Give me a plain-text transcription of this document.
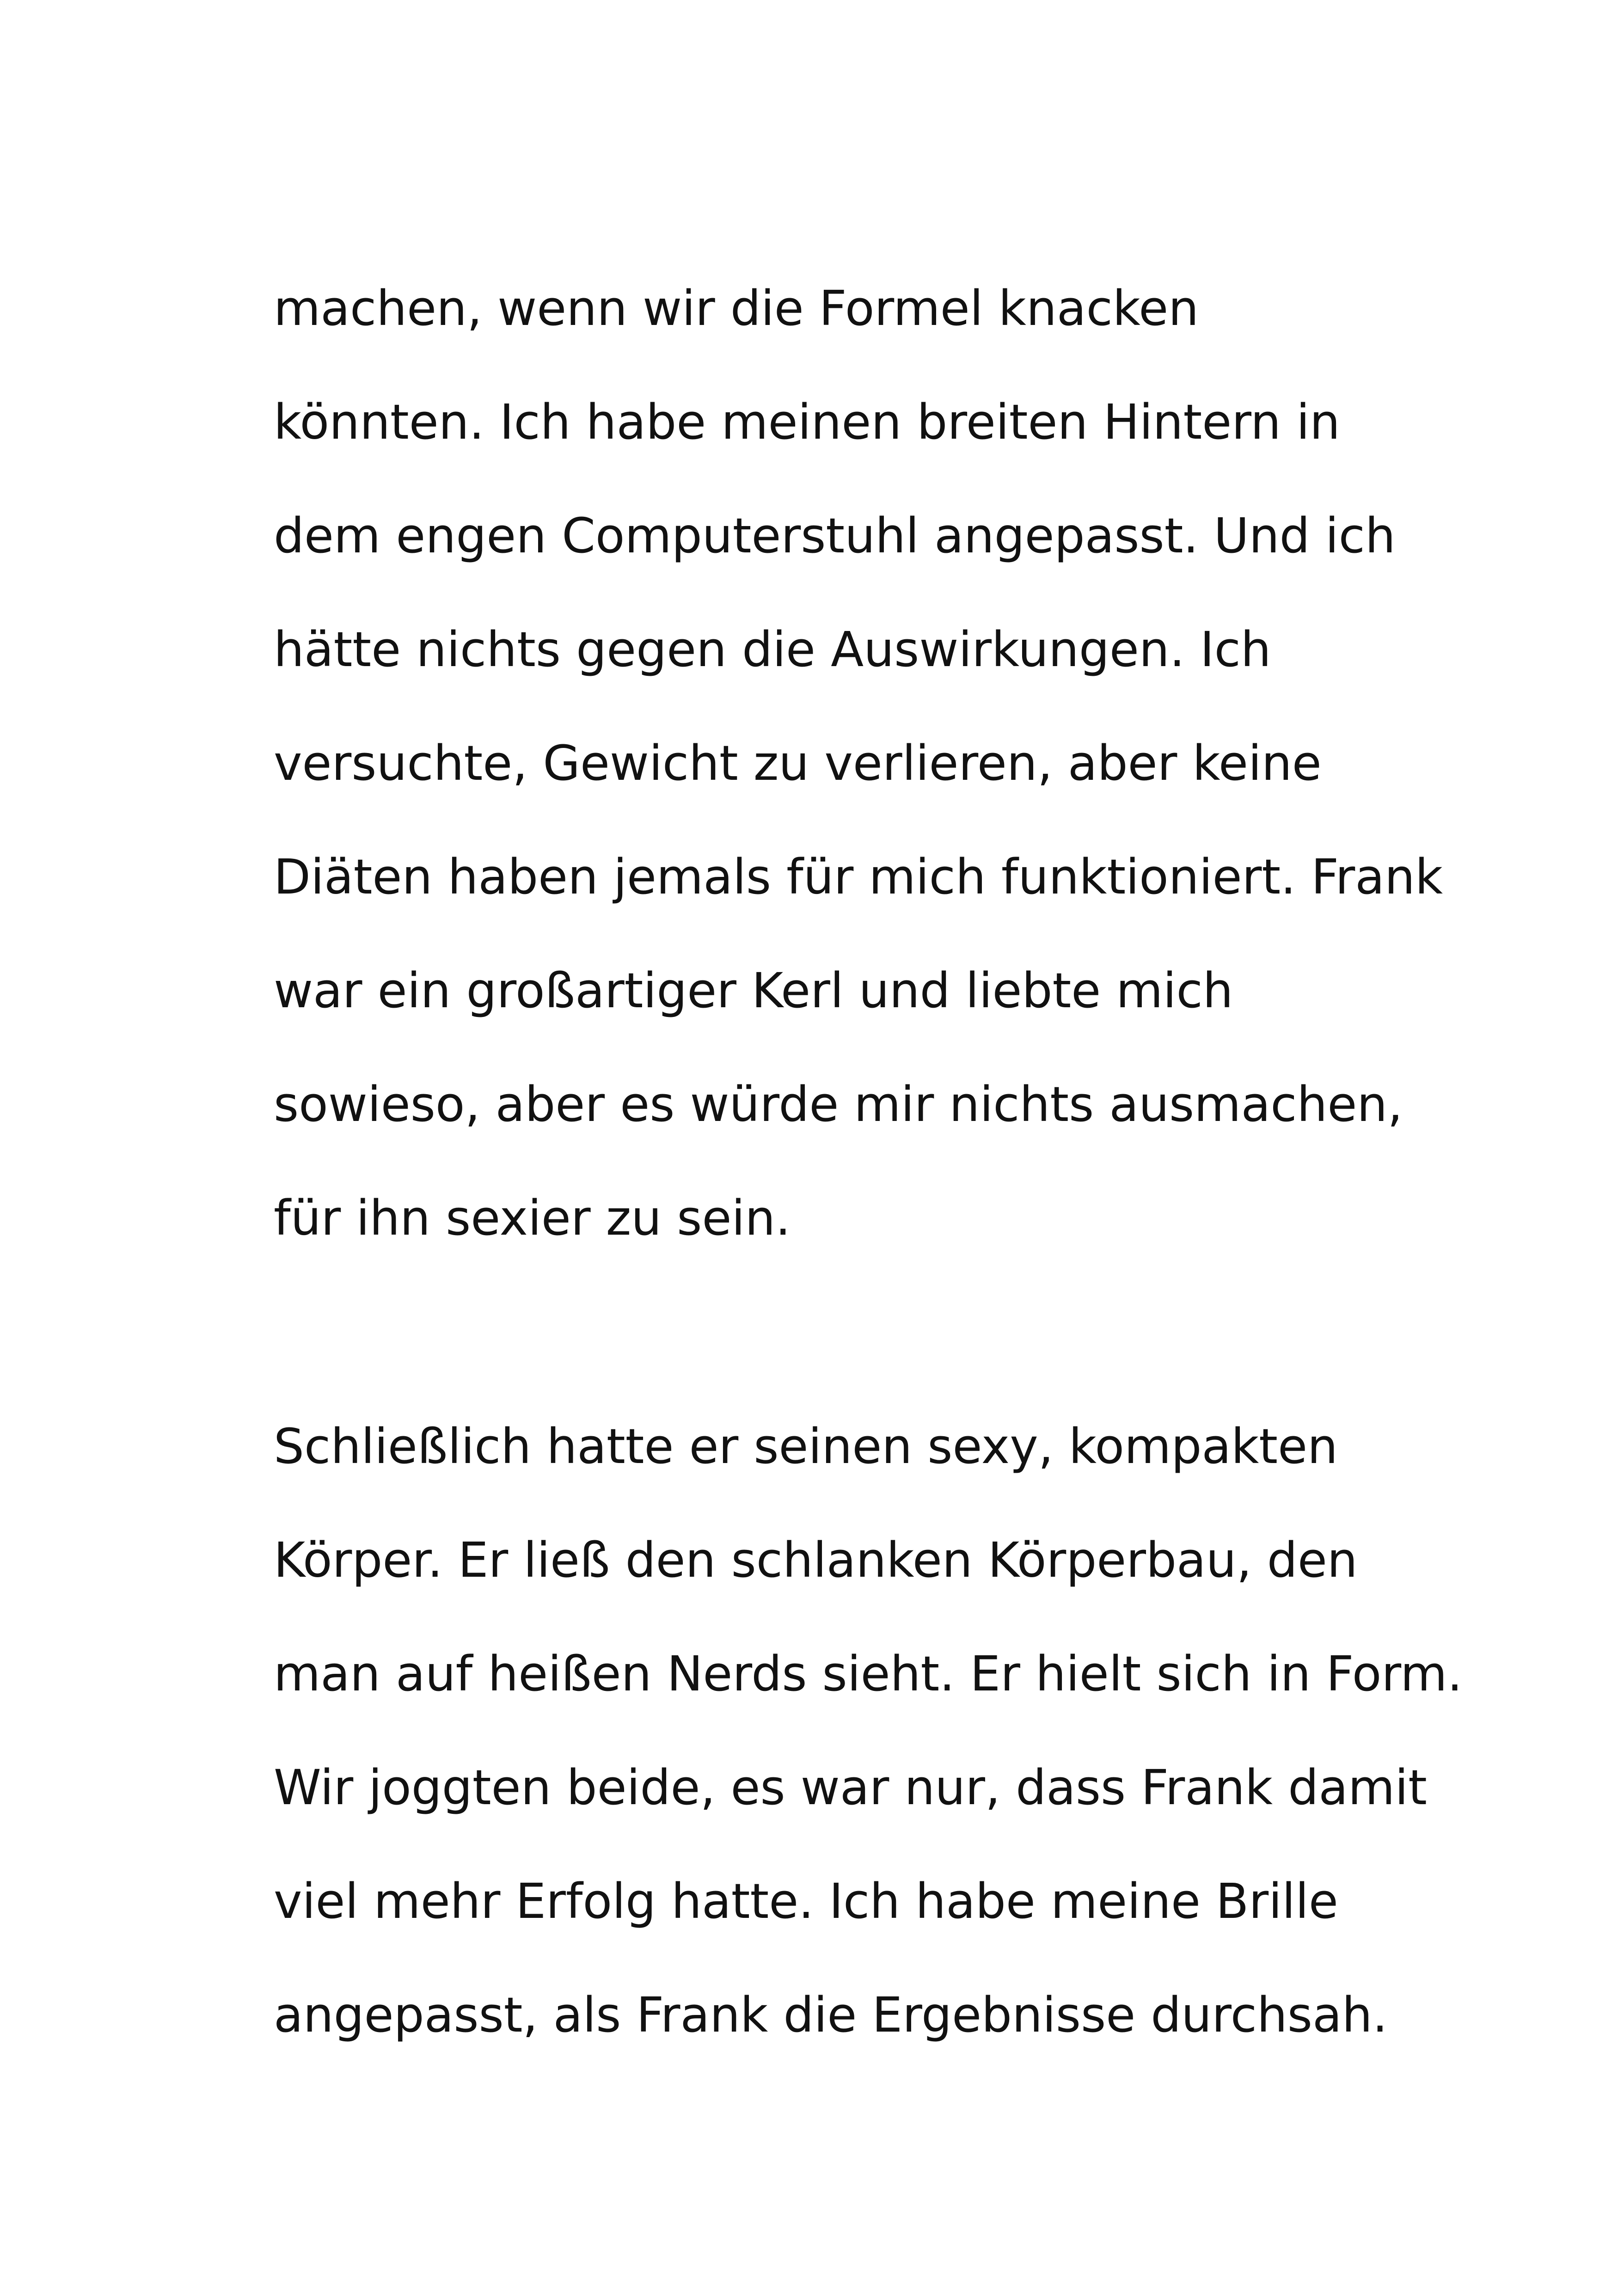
machen, wenn wir die Formel knacken
könnten. Ich habe meinen breiten Hintern in
dem engen Computerstuhl angepasst. Und ich
hätte nichts gegen die Auswirkungen. Ich
versuchte, Gewicht zu verlieren, aber keine
Diäten haben jemals für mich funktioniert. Frank
war ein großartiger Kerl und liebte mich
sowieso, aber es würde mir nichts ausmachen,
für ihn sexier zu sein.
Schließlich hatte er seinen sexy, kompakten
Körper. Er ließ den schlanken Körperbau, den
man auf heißen Nerds sieht. Er hielt sich in Form.
Wir joggten beide, es war nur, dass Frank damit
viel mehr Erfolg hatte. Ich habe meine Brille
angepasst, als Frank die Ergebnisse durchsah.
